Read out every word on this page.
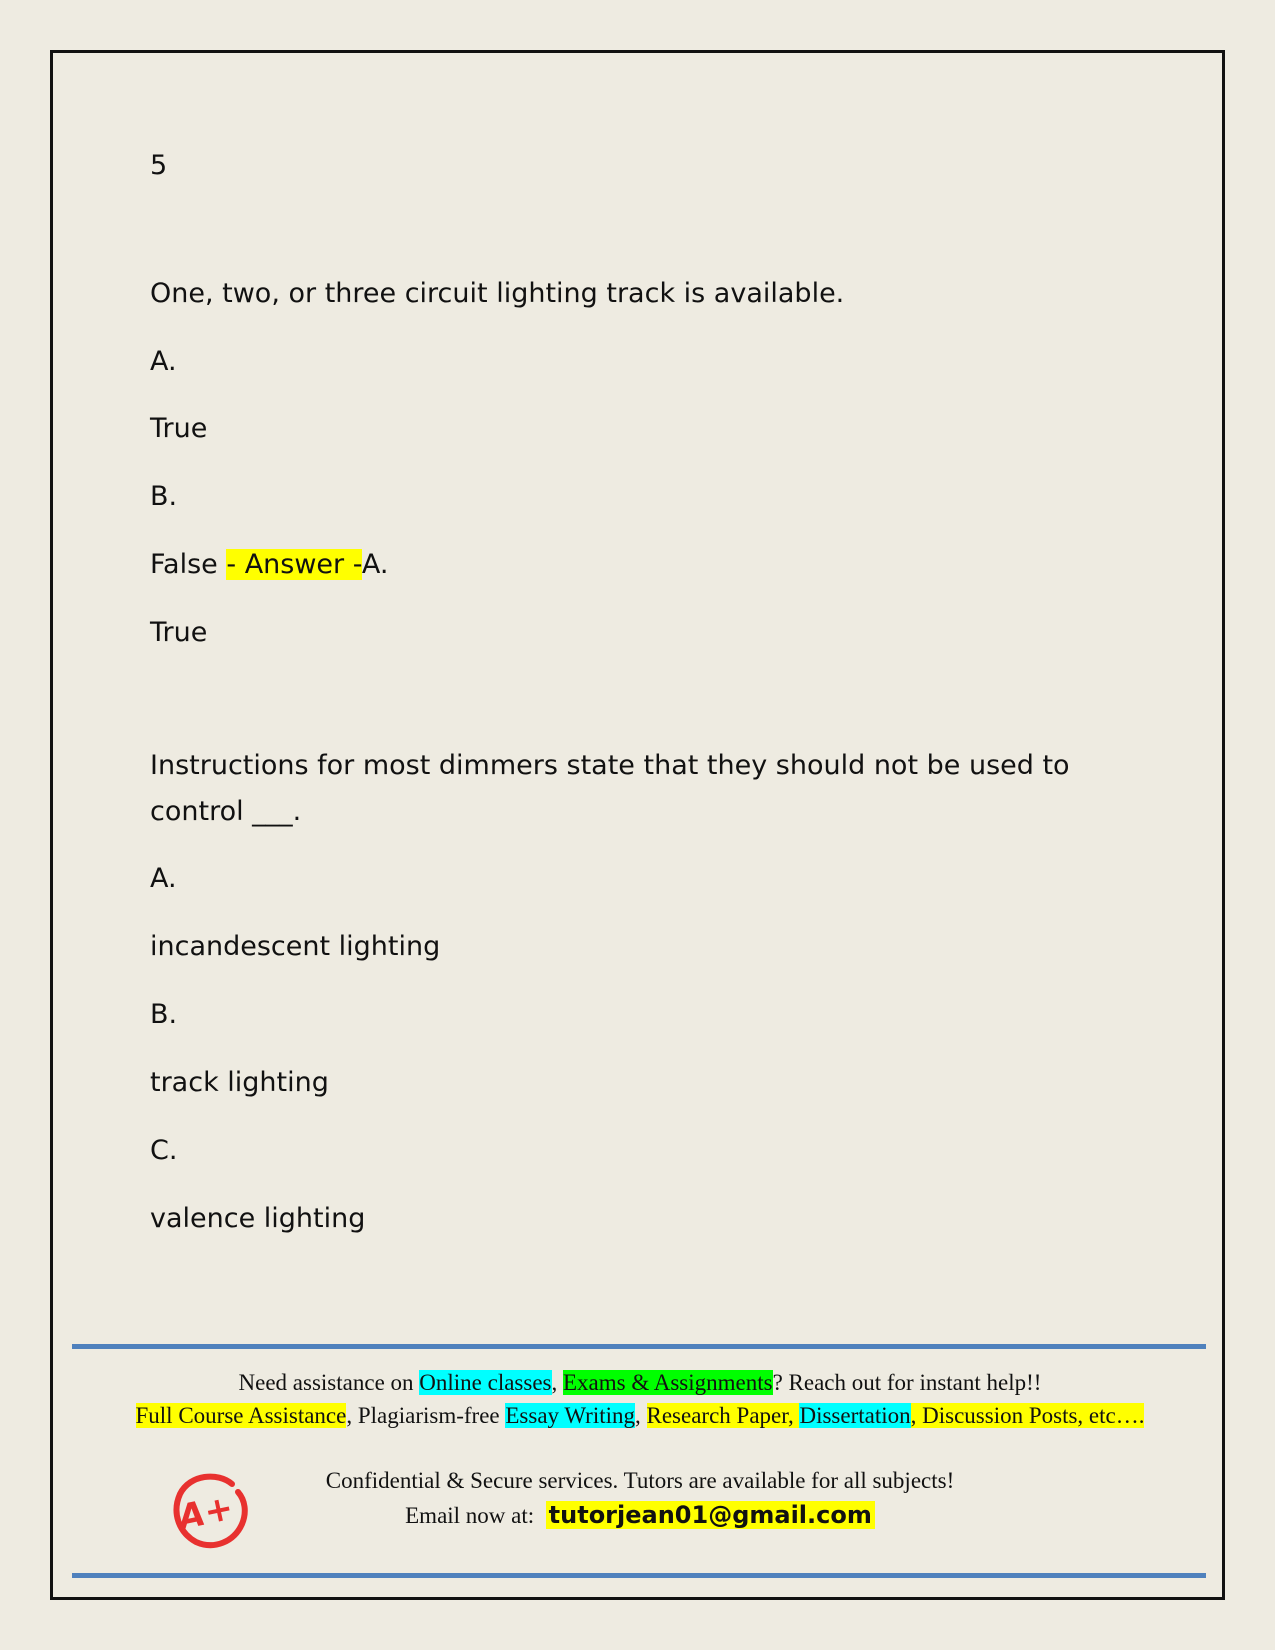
5
One, two, or three circuit lighting track is available.
A.
True
B.
False - Answer -A.
True
Instructions for most dimmers state that they should not be used to
control ___.
A.
incandescent lighting
B.
track lighting
C.
valence lighting
Need assistance on Online classes, Exams & Assignments? Reach out for instant help!!
Full Course Assistance, Plagiarism-free Essay Writing, Research Paper, Dissertation, Discussion Posts, etc….
A+
Confidential & Secure services. Tutors are available for all subjects!
Email now at: tutorjean01@gmail.com
